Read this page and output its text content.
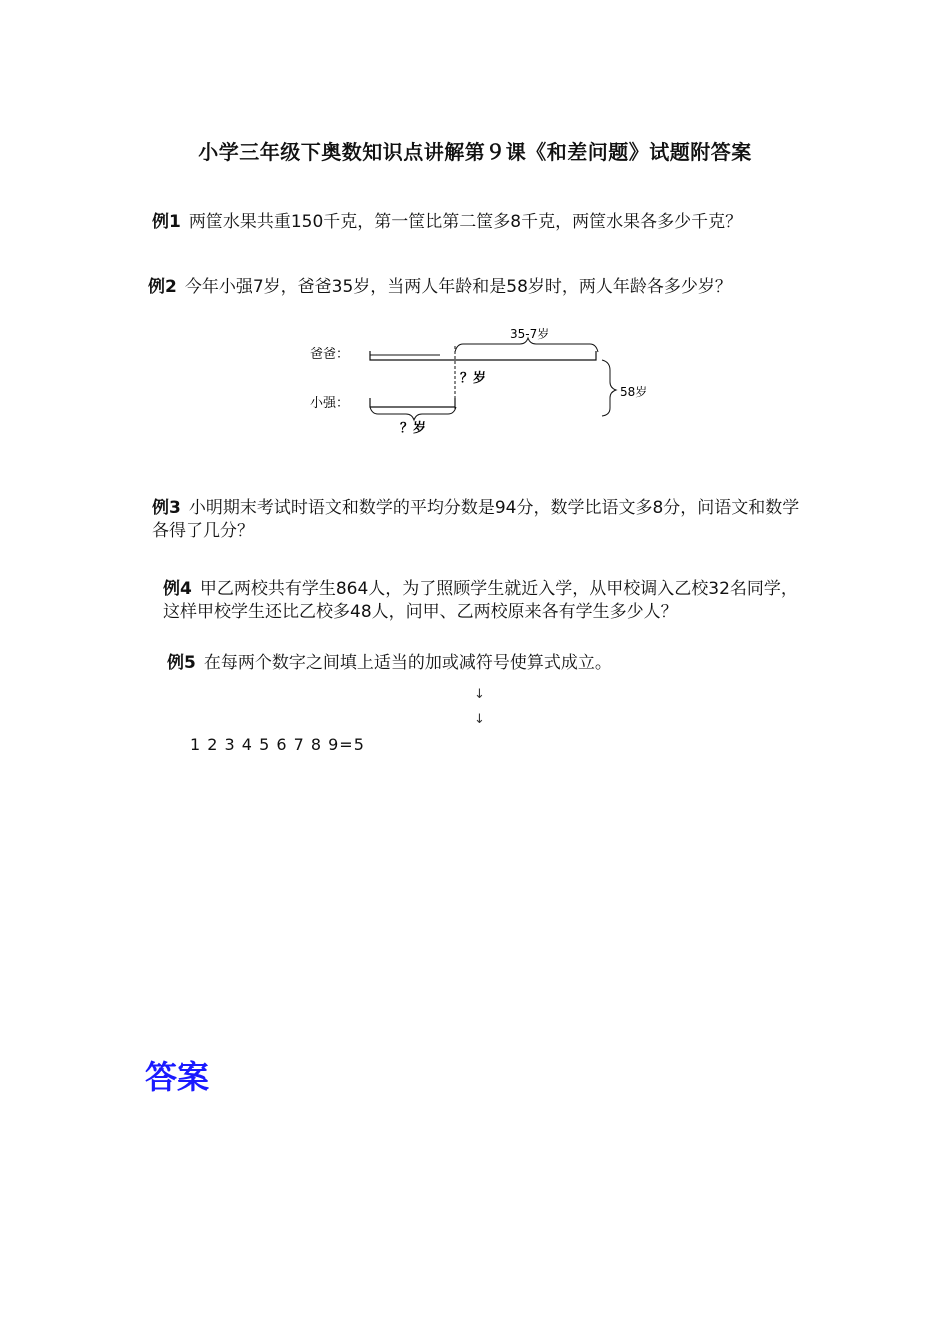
小学三年级下奥数知识点讲解第９课《和差问题》试题附答案
例1 两筐水果共重150千克，第一筐比第二筐多8千克，两筐水果各多少千克？
例2 今年小强7岁，爸爸35岁，当两人年龄和是58岁时，两人年龄各多少岁？
爸爸：
小强：
35-7岁
？岁
？岁
58岁
例3 小明期末考试时语文和数学的平均分数是94分，数学比语文多8分，问语文和数学各得了几分？
例4 甲乙两校共有学生864人，为了照顾学生就近入学，从甲校调入乙校32名同学，这样甲校学生还比乙校多48人，问甲、乙两校原来各有学生多少人？
例5 在每两个数字之间填上适当的加或减符号使算式成立。
↓
↓
1 2 3 4 5 6 7 8 9=5
答案
